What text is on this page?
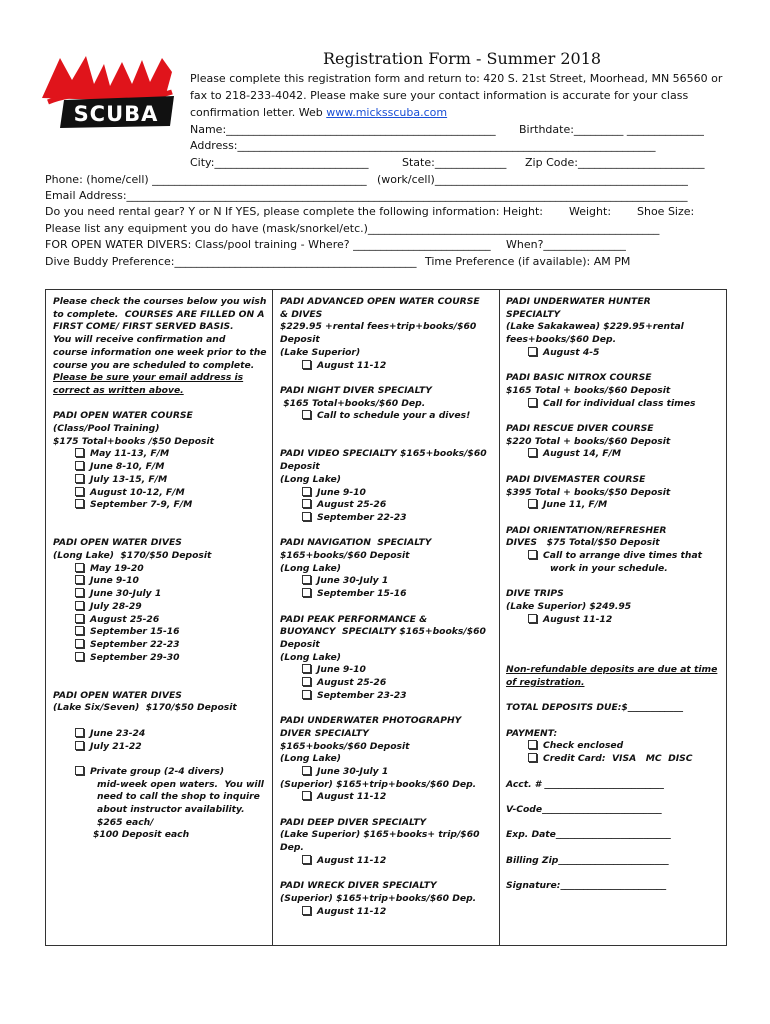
SCUBA
Registration Form - Summer 2018
Please complete this registration form and return to: 420 S. 21st Street, Moorhead, MN 56560 or
fax to 218-233-4042. Please make sure your contact information is accurate for your class
confirmation letter. Web www.micksscuba.com
Name:_________________________________________________ Birthdate:_________ ______________
Address:____________________________________________________________________________
City:____________________________	State:_____________ Zip Code:_______________________
Phone: (home/cell) _______________________________________ (work/cell)______________________________________________
Email Address:______________________________________________________________________________________________________
Do you need rental gear? Y or N If YES, please complete the following information: Height: Weight: Shoe Size:
Please list any equipment you do have (mask/snorkel/etc.)_____________________________________________________
FOR OPEN WATER DIVERS: Class/pool training - Where? _________________________ When?_______________
Dive Buddy Preference:____________________________________________ Time Preference (if available): AM PM

Please check the courses below you wish

to complete.  COURSES ARE FILLED ON A

FIRST COME/ FIRST SERVED BASIS.

You will receive confirmation and

course information one week prior to the

course you are scheduled to complete.

Please be sure your email address is

correct as written above.

PADI OPEN WATER COURSE

(Class/Pool Training)

$175 Total+books /$50 Deposit

May 11-13, F/M

June 8-10, F/M

July 13-15, F/M

August 10-12, F/M

September 7-9, F/M

PADI OPEN WATER DIVES

(Long Lake)  $170/$50 Deposit

May 19-20

June 9-10

June 30-July 1

July 28-29

August 25-26

September 15-16

September 22-23

September 29-30

PADI OPEN WATER DIVES

(Lake Six/Seven)  $170/$50 Deposit

June 23-24

July 21-22

Private group (2-4 divers)

mid-week open waters.  You will

need to call the shop to inquire

about instructor availability.

$265 each/

$100 Deposit each

PADI ADVANCED OPEN WATER COURSE

& DIVES

$229.95 +rental fees+trip+books/$60

Deposit

(Lake Superior)

August 11-12

PADI NIGHT DIVER SPECIALTY

$165 Total+books/$60 Dep.

Call to schedule your a dives!

PADI VIDEO SPECIALTY $165+books/$60

Deposit

(Long Lake)

June 9-10

August 25-26

September 22-23

PADI NAVIGATION  SPECIALTY

$165+books/$60 Deposit

(Long Lake)

June 30-July 1

September 15-16

PADI PEAK PERFORMANCE &

BUOYANCY  SPECIALTY $165+books/$60

Deposit

(Long Lake)

June 9-10

August 25-26

September 23-23

PADI UNDERWATER PHOTOGRAPHY

DIVER SPECIALTY

$165+books/$60 Deposit

(Long Lake)

June 30-July 1

(Superior) $165+trip+books/$60 Dep.

August 11-12

PADI DEEP DIVER SPECIALTY

(Lake Superior) $165+books+ trip/$60

Dep.

August 11-12

PADI WRECK DIVER SPECIALTY

(Superior) $165+trip+books/$60 Dep.

August 11-12

PADI UNDERWATER HUNTER

SPECIALTY

(Lake Sakakawea) $229.95+rental

fees+books/$60 Dep.

August 4-5

PADI BASIC NITROX COURSE

$165 Total + books/$60 Deposit

Call for individual class times

PADI RESCUE DIVER COURSE

$220 Total + books/$60 Deposit

August 14, F/M

PADI DIVEMASTER COURSE

$395 Total + books/$50 Deposit

June 11, F/M

PADI ORIENTATION/REFRESHER

DIVES   $75 Total/$50 Deposit

Call to arrange dive times that

work in your schedule.

DIVE TRIPS

(Lake Superior) $249.95

August 11-12

Non-refundable deposits are due at time

of registration.

TOTAL DEPOSITS DUE:$____________

PAYMENT:

Check enclosed

Credit Card:  VISA   MC  DISC

Acct. # __________________________

V-Code__________________________

Exp. Date_________________________

Billing Zip________________________

Signature:_______________________
